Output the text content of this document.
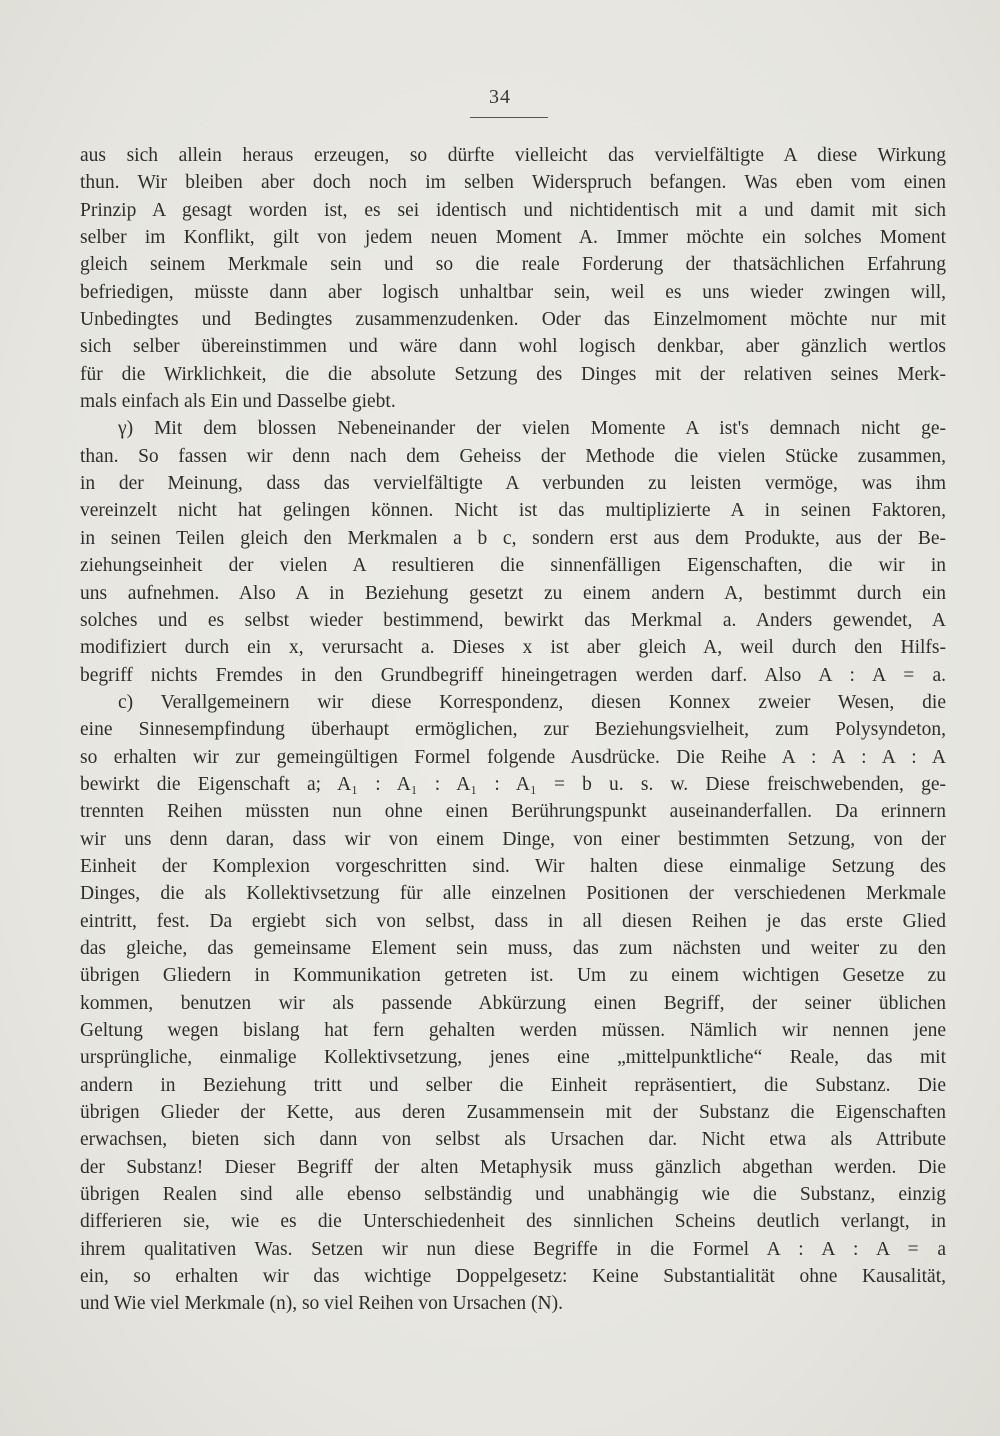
34
aus sich allein heraus erzeugen, so dürfte vielleicht das vervielfältigte A diese Wirkung
thun. Wir bleiben aber doch noch im selben Widerspruch befangen. Was eben vom einen
Prinzip A gesagt worden ist, es sei identisch und nichtidentisch mit a und damit mit sich
selber im Konflikt, gilt von jedem neuen Moment A. Immer möchte ein solches Moment
gleich seinem Merkmale sein und so die reale Forderung der thatsächlichen Erfahrung
befriedigen, müsste dann aber logisch unhaltbar sein, weil es uns wieder zwingen will,
Unbedingtes und Bedingtes zusammenzudenken. Oder das Einzelmoment möchte nur mit
sich selber übereinstimmen und wäre dann wohl logisch denkbar, aber gänzlich wertlos
für die Wirklichkeit, die die absolute Setzung des Dinges mit der relativen seines Merk-
mals einfach als Ein und Dasselbe giebt.
γ) Mit dem blossen Nebeneinander der vielen Momente A ist's demnach nicht ge-
than. So fassen wir denn nach dem Geheiss der Methode die vielen Stücke zusammen,
in der Meinung, dass das vervielfältigte A verbunden zu leisten vermöge, was ihm
vereinzelt nicht hat gelingen können. Nicht ist das multiplizierte A in seinen Faktoren,
in seinen Teilen gleich den Merkmalen a b c, sondern erst aus dem Produkte, aus der Be-
ziehungseinheit der vielen A resultieren die sinnenfälligen Eigenschaften, die wir in
uns aufnehmen. Also A in Beziehung gesetzt zu einem andern A, bestimmt durch ein
solches und es selbst wieder bestimmend, bewirkt das Merkmal a. Anders gewendet, A
modifiziert durch ein x, verursacht a. Dieses x ist aber gleich A, weil durch den Hilfs-
begriff nichts Fremdes in den Grundbegriff hineingetragen werden darf. Also A : A = a.
c) Verallgemeinern wir diese Korrespondenz, diesen Konnex zweier Wesen, die
eine Sinnesempfindung überhaupt ermöglichen, zur Beziehungsvielheit, zum Polysyndeton,
so erhalten wir zur gemeingültigen Formel folgende Ausdrücke. Die Reihe A : A : A : A
bewirkt die Eigenschaft a; A₁ : A₁ : A₁ : A₁ = b u. s. w. Diese freischwebenden, ge-
trennten Reihen müssten nun ohne einen Berührungspunkt auseinanderfallen. Da erinnern
wir uns denn daran, dass wir von einem Dinge, von einer bestimmten Setzung, von der
Einheit der Komplexion vorgeschritten sind. Wir halten diese einmalige Setzung des
Dinges, die als Kollektivsetzung für alle einzelnen Positionen der verschiedenen Merkmale
eintritt, fest. Da ergiebt sich von selbst, dass in all diesen Reihen je das erste Glied
das gleiche, das gemeinsame Element sein muss, das zum nächsten und weiter zu den
übrigen Gliedern in Kommunikation getreten ist. Um zu einem wichtigen Gesetze zu
kommen, benutzen wir als passende Abkürzung einen Begriff, der seiner üblichen
Geltung wegen bislang hat fern gehalten werden müssen. Nämlich wir nennen jene
ursprüngliche, einmalige Kollektivsetzung, jenes eine „mittelpunktliche“ Reale, das mit
andern in Beziehung tritt und selber die Einheit repräsentiert, die Substanz. Die
übrigen Glieder der Kette, aus deren Zusammensein mit der Substanz die Eigenschaften
erwachsen, bieten sich dann von selbst als Ursachen dar. Nicht etwa als Attribute
der Substanz! Dieser Begriff der alten Metaphysik muss gänzlich abgethan werden. Die
übrigen Realen sind alle ebenso selbständig und unabhängig wie die Substanz, einzig
differieren sie, wie es die Unterschiedenheit des sinnlichen Scheins deutlich verlangt, in
ihrem qualitativen Was. Setzen wir nun diese Begriffe in die Formel A : A : A = a
ein, so erhalten wir das wichtige Doppelgesetz: Keine Substantialität ohne Kausalität,
und Wie viel Merkmale (n), so viel Reihen von Ursachen (N).
